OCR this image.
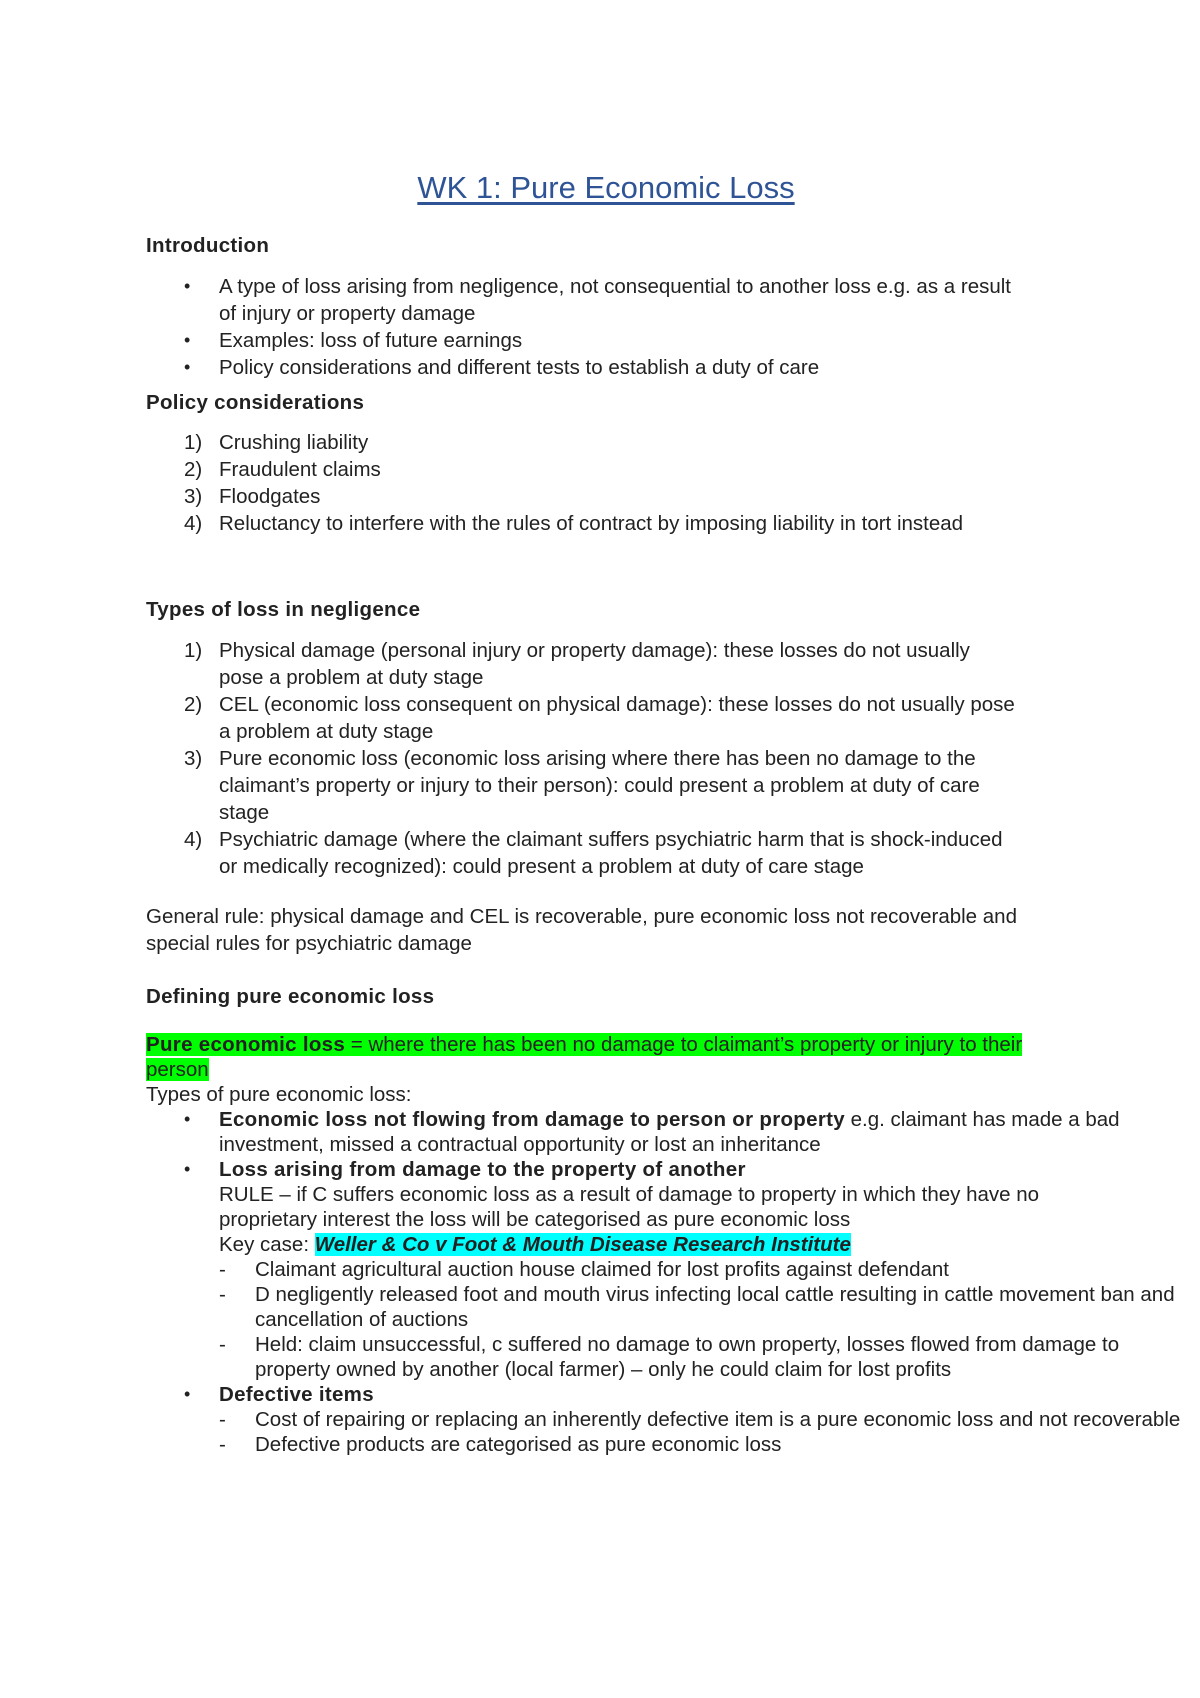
WK 1: Pure Economic Loss
Introduction
• A type of loss arising from negligence, not consequential to another loss e.g. as a result of injury or property damage
• Examples: loss of future earnings
• Policy considerations and different tests to establish a duty of care
Policy considerations
1) Crushing liability
2) Fraudulent claims
3) Floodgates
4) Reluctancy to interfere with the rules of contract by imposing liability in tort instead
Types of loss in negligence
1) Physical damage (personal injury or property damage): these losses do not usually pose a problem at duty stage
2) CEL (economic loss consequent on physical damage): these losses do not usually pose a problem at duty stage
3) Pure economic loss (economic loss arising where there has been no damage to the claimant’s property or injury to their person): could present a problem at duty of care stage
4) Psychiatric damage (where the claimant suffers psychiatric harm that is shock-induced or medically recognized): could present a problem at duty of care stage
General rule: physical damage and CEL is recoverable, pure economic loss not recoverable and special rules for psychiatric damage
Defining pure economic loss
Pure economic loss = where there has been no damage to claimant’s property or injury to their person
Types of pure economic loss:
• Economic loss not flowing from damage to person or property e.g. claimant has made a bad investment, missed a contractual opportunity or lost an inheritance
• Loss arising from damage to the property of another
RULE – if C suffers economic loss as a result of damage to property in which they have no proprietary interest the loss will be categorised as pure economic loss
Key case: Weller & Co v Foot & Mouth Disease Research Institute
- Claimant agricultural auction house claimed for lost profits against defendant
- D negligently released foot and mouth virus infecting local cattle resulting in cattle movement ban and cancellation of auctions
- Held: claim unsuccessful, c suffered no damage to own property, losses flowed from damage to property owned by another (local farmer) – only he could claim for lost profits
• Defective items
- Cost of repairing or replacing an inherently defective item is a pure economic loss and not recoverable
- Defective products are categorised as pure economic loss
